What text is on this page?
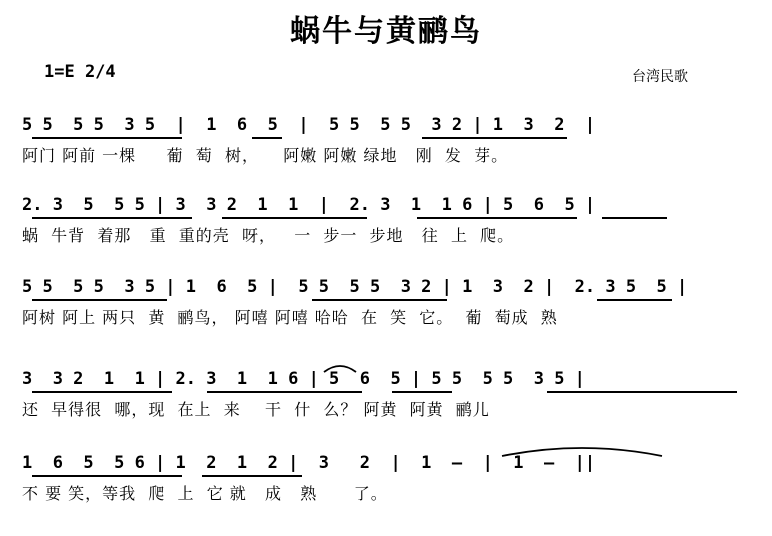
蜗牛与黄鹂鸟
1=E 2/4	台湾民歌
5 5  5 5  3 5  |  1  6  5  |  5 5  5 5  3 2 | 1  3  2  |
阿门 阿前 一棵     葡  萄  树，    阿嫩 阿嫩 绿地   刚  发  芽。
2. 3  5  5 5 | 3  3 2  1  1  |  2. 3  1  1 6 | 5  6  5 |
蜗  牛背  着那   重  重的壳  呀，   一  步一  步地   往  上  爬。
5 5  5 5  3 5 | 1  6  5 |  5 5  5 5  3 2 | 1  3  2 |  2. 3 5  5 |
阿树 阿上 两只  黄  鹂鸟， 阿嘻 阿嘻 哈哈  在  笑  它。  葡  萄成  熟
3  3 2  1  1 | 2. 3  1  1 6 | 5  6  5 | 5 5  5 5  3 5 |
还  早得很  哪，现  在上  来    干  什  么？ 阿黄  阿黄  鹂儿
1  6  5  5 6 | 1  2  1  2 |  3   2  |  1  —  |  1  —  ||
不 要 笑，等我  爬  上  它 就   成   熟      了。
